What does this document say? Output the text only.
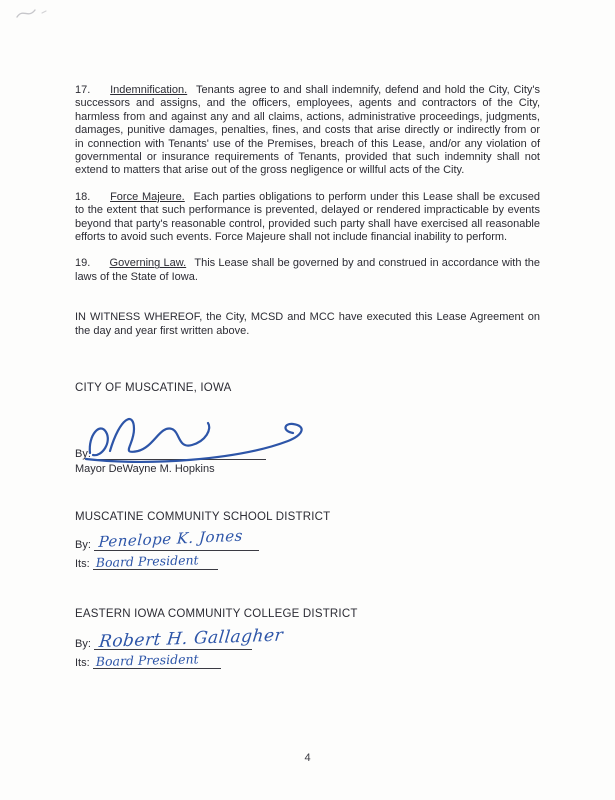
17. Indemnification. Tenants agree to and shall indemnify, defend and hold the City, City's successors and assigns, and the officers, employees, agents and contractors of the City, harmless from and against any and all claims, actions, administrative proceedings, judgments, damages, punitive damages, penalties, fines, and costs that arise directly or indirectly from or in connection with Tenants' use of the Premises, breach of this Lease, and/or any violation of governmental or insurance requirements of Tenants, provided that such indemnity shall not extend to matters that arise out of the gross negligence or willful acts of the City.

18. Force Majeure. Each parties obligations to perform under this Lease shall be excused to the extent that such performance is prevented, delayed or rendered impracticable by events beyond that party's reasonable control, provided such party shall have exercised all reasonable efforts to avoid such events. Force Majeure shall not include financial inability to perform.

19. Governing Law. This Lease shall be governed by and construed in accordance with the laws of the State of Iowa.

IN WITNESS WHEREOF, the City, MCSD and MCC have executed this Lease Agreement on the day and year first written above.

CITY OF MUSCATINE, IOWA
By:
Mayor DeWayne M. Hopkins
MUSCATINE COMMUNITY SCHOOL DISTRICT
By: Penelope K. Jones
Its: Board President
EASTERN IOWA COMMUNITY COLLEGE DISTRICT
By: Robert H. Gallagher
Its: Board President
4
